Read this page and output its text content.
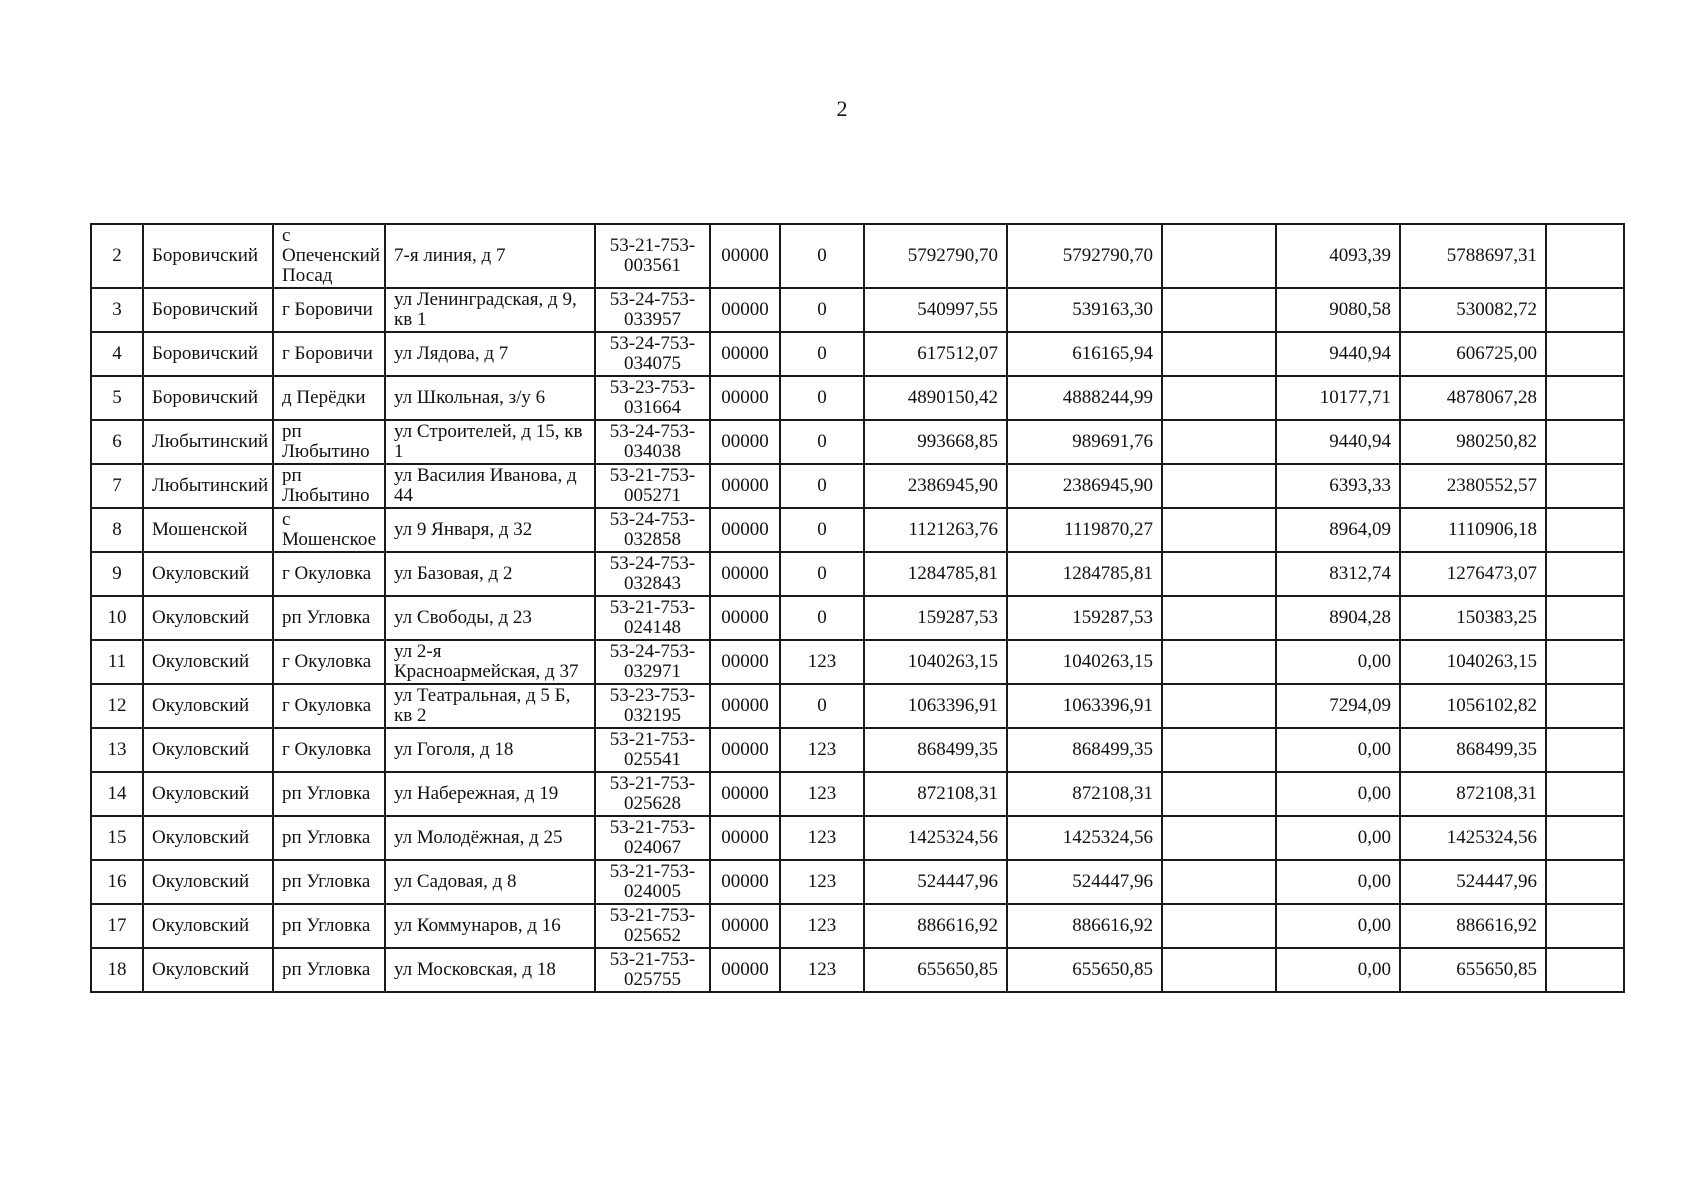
2
2	Боровичский	с Опеченский Посад	7-я линия, д 7	53-21-753-003561	00000	0	5792790,70	5792790,70		4093,39	5788697,31	
3	Боровичский	г Боровичи	ул Ленинградская, д 9, кв 1	53-24-753-033957	00000	0	540997,55	539163,30		9080,58	530082,72	
4	Боровичский	г Боровичи	ул Лядова, д 7	53-24-753-034075	00000	0	617512,07	616165,94		9440,94	606725,00	
5	Боровичский	д Перёдки	ул Школьная, з/у 6	53-23-753-031664	00000	0	4890150,42	4888244,99		10177,71	4878067,28	
6	Любытинский	рп Любытино	ул Строителей, д 15, кв 1	53-24-753-034038	00000	0	993668,85	989691,76		9440,94	980250,82	
7	Любытинский	рп Любытино	ул Василия Иванова, д 44	53-21-753-005271	00000	0	2386945,90	2386945,90		6393,33	2380552,57	
8	Мошенской	с Мошенское	ул 9 Января, д 32	53-24-753-032858	00000	0	1121263,76	1119870,27		8964,09	1110906,18	
9	Окуловский	г Окуловка	ул Базовая, д 2	53-24-753-032843	00000	0	1284785,81	1284785,81		8312,74	1276473,07	
10	Окуловский	рп Угловка	ул Свободы, д 23	53-21-753-024148	00000	0	159287,53	159287,53		8904,28	150383,25	
11	Окуловский	г Окуловка	ул 2-я Красноармейская, д 37	53-24-753-032971	00000	123	1040263,15	1040263,15		0,00	1040263,15	
12	Окуловский	г Окуловка	ул Театральная, д 5 Б, кв 2	53-23-753-032195	00000	0	1063396,91	1063396,91		7294,09	1056102,82	
13	Окуловский	г Окуловка	ул Гоголя, д 18	53-21-753-025541	00000	123	868499,35	868499,35		0,00	868499,35	
14	Окуловский	рп Угловка	ул Набережная, д 19	53-21-753-025628	00000	123	872108,31	872108,31		0,00	872108,31	
15	Окуловский	рп Угловка	ул Молодёжная, д 25	53-21-753-024067	00000	123	1425324,56	1425324,56		0,00	1425324,56	
16	Окуловский	рп Угловка	ул Садовая, д 8	53-21-753-024005	00000	123	524447,96	524447,96		0,00	524447,96	
17	Окуловский	рп Угловка	ул Коммунаров, д 16	53-21-753-025652	00000	123	886616,92	886616,92		0,00	886616,92	
18	Окуловский	рп Угловка	ул Московская, д 18	53-21-753-025755	00000	123	655650,85	655650,85		0,00	655650,85	
